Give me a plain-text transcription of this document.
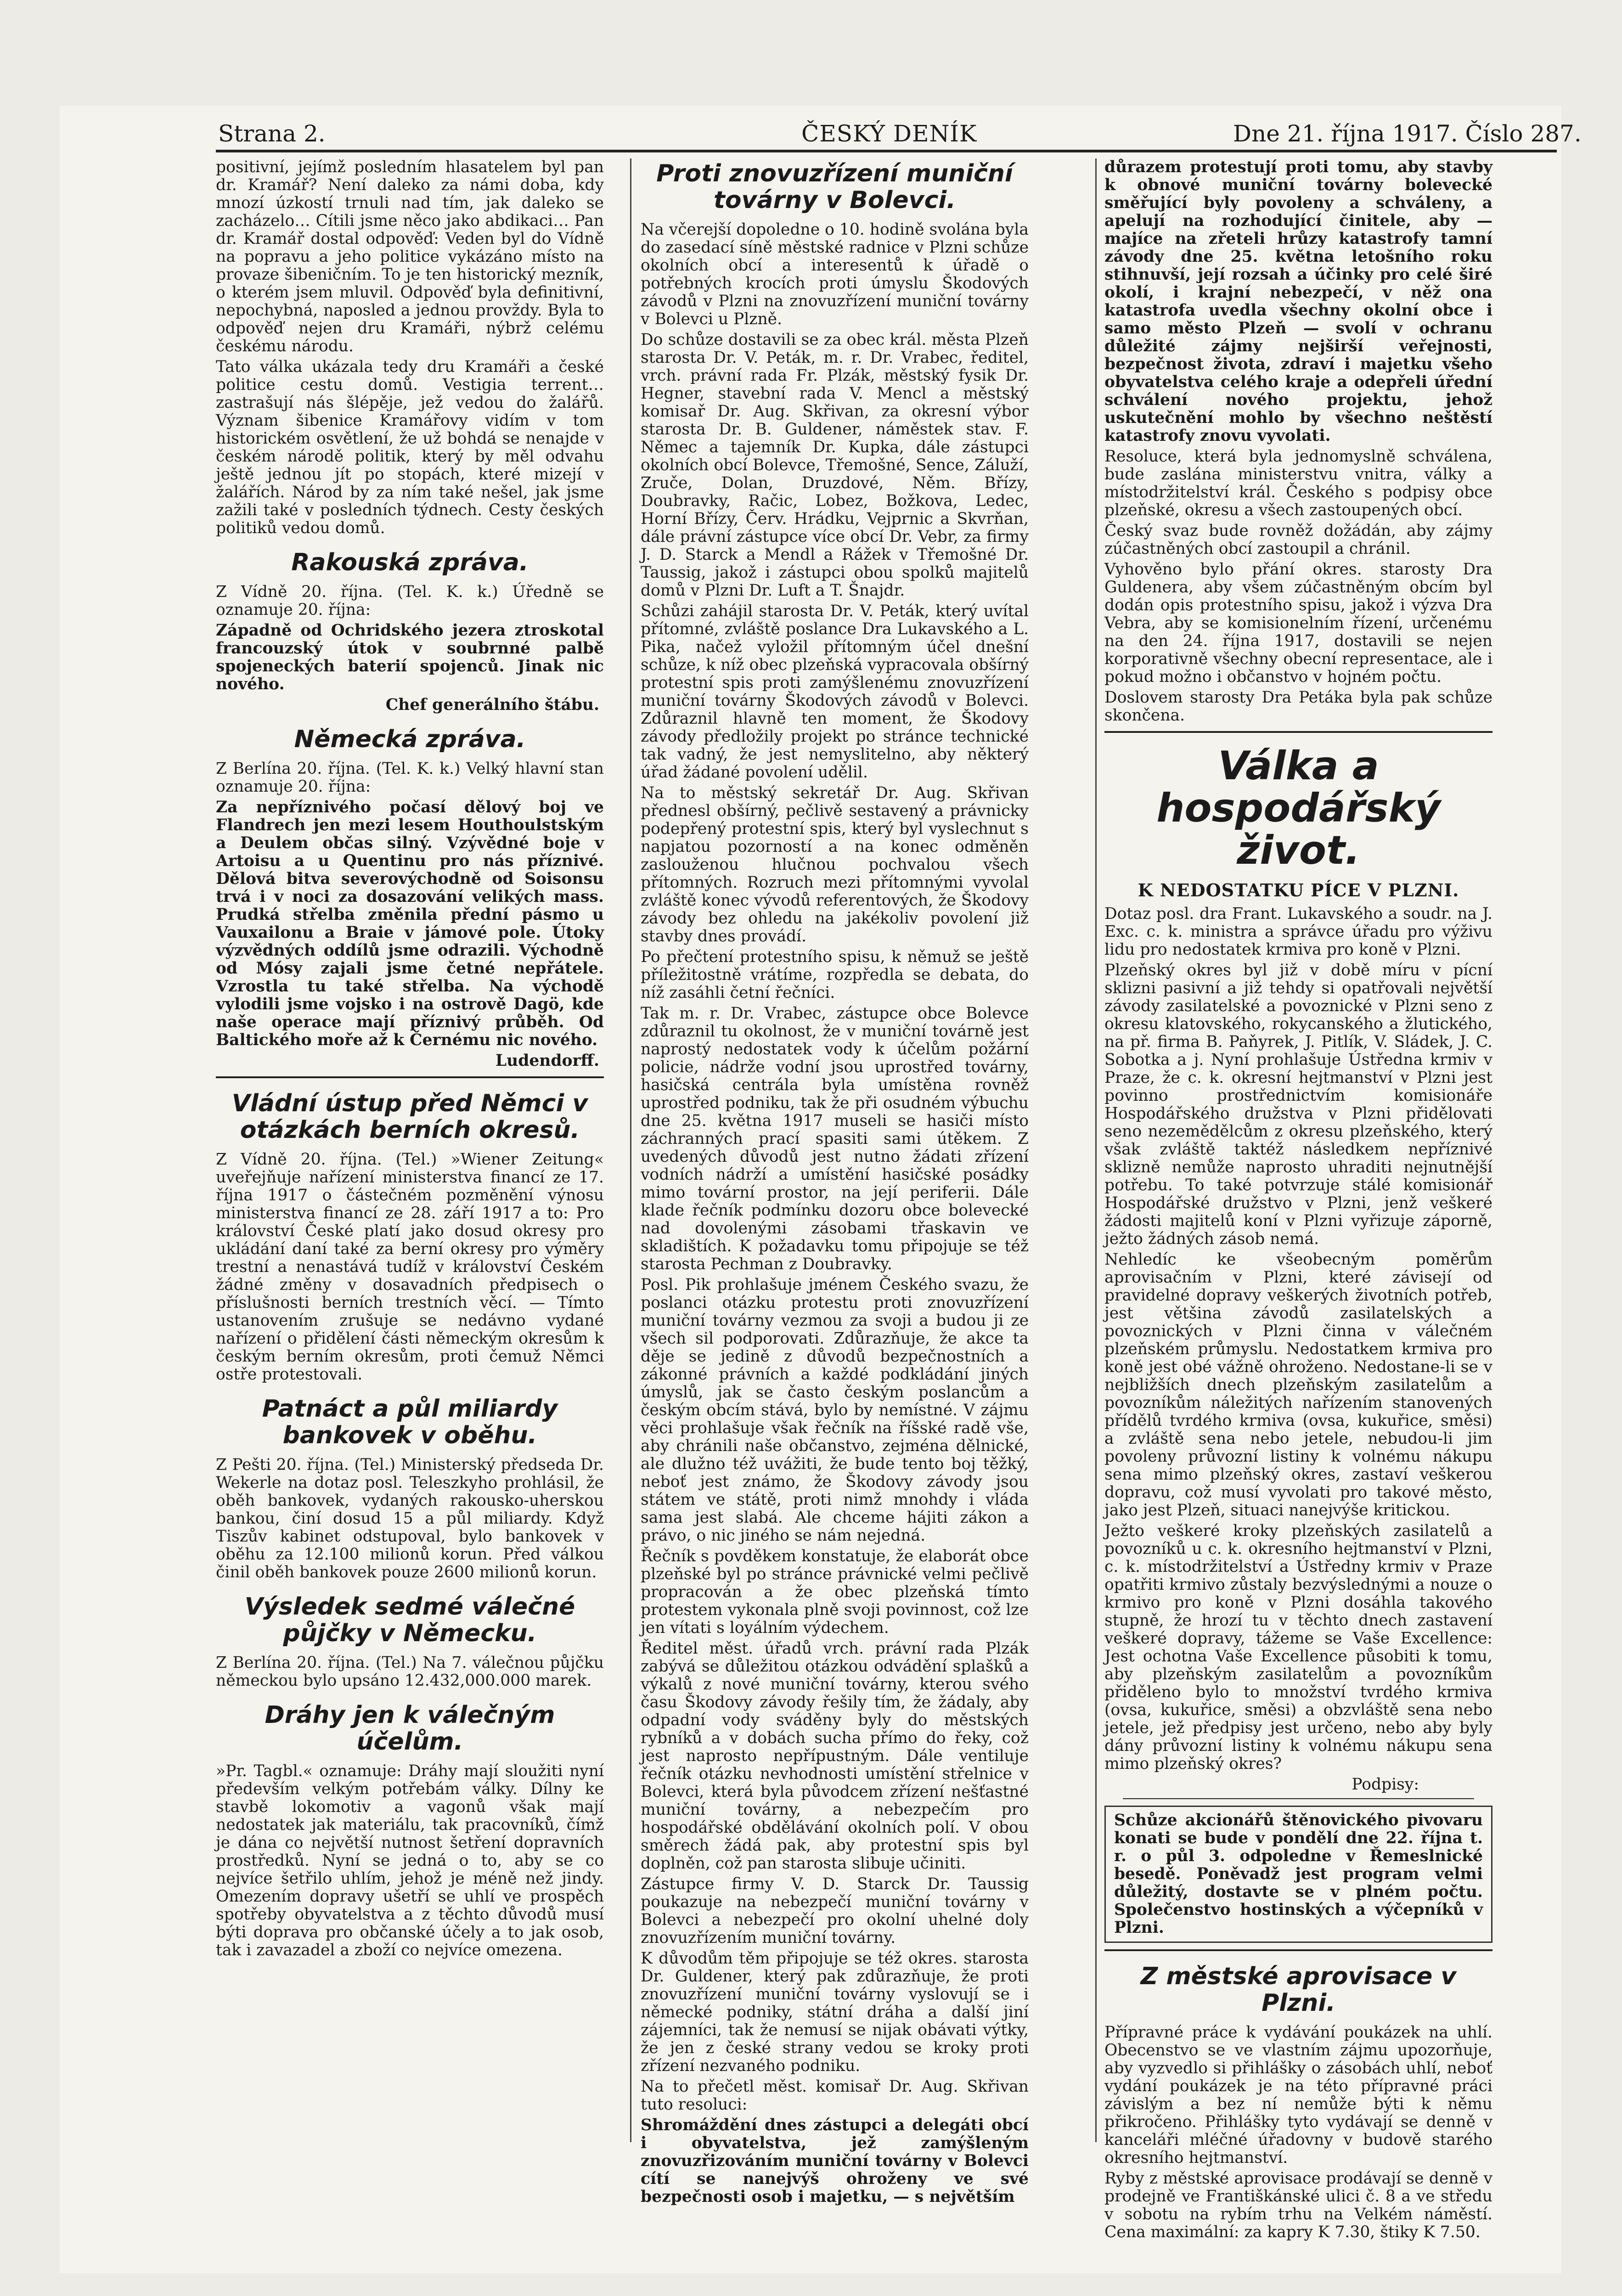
Strana 2.	ČESKÝ DENÍK	Dne 21. října 1917. Číslo 287.

positivní, jejímž posledním hlasatelem byl pan dr. Kramář? Není daleko za námi doba, kdy mnozí úzkostí trnuli nad tím, jak daleko se zacházelo… Cítili jsme něco jako abdikaci… Pan dr. Kramář dostal odpověď: Veden byl do Vídně na popravu a jeho politice vykázáno místo na provaze šibeničním. To je ten historický mezník, o kterém jsem mluvil. Odpověď byla definitivní, nepochybná, naposled a jednou provždy. Byla to odpověď nejen dru Kramáři, nýbrž celému českému národu.

Tato válka ukázala tedy dru Kramáři a české politice cestu domů. Vestigia terrent… zastrašují nás šlépěje, jež vedou do žalářů. Význam šibenice Kramářovy vidím v tom historickém osvětlení, že už bohdá se nenajde v českém národě politik, který by měl odvahu ještě jednou jít po stopách, které mizejí v žalářích. Národ by za ním také nešel, jak jsme zažili také v posledních týdnech. Cesty českých politiků vedou domů.

Rakouská zpráva.

Z Vídně 20. října. (Tel. K. k.) Úředně se oznamuje 20. října:

Západně od Ochridského jezera ztroskotal francouzský útok v soubrnné palbě spojeneckých baterií spojenců. Jinak nic nového.

Chef generálního štábu.

Německá zpráva.

Z Berlína 20. října. (Tel. K. k.) Velký hlavní stan oznamuje 20. října:

Za nepříznivého počasí dělový boj ve Flandrech jen mezi lesem Houthoulstským a Deulem občas silný. Vzývědné boje v Artoisu a u Quentinu pro nás příznivé. Dělová bitva severovýchodně od Soisonsu trvá i v noci za dosazování velikých mass. Prudká střelba změnila přední pásmo u Vauxailonu a Braie v jámové pole. Útoky výzvědných oddílů jsme odrazili. Východně od Mósy zajali jsme četné nepřátele. Vzrostla tu také střelba. Na východě vylodili jsme vojsko i na ostrově Dagö, kde naše operace mají příznivý průběh. Od Baltického moře až k Černému nic nového.

Ludendorff.

Vládní ústup před Němci v otázkách berních okresů.

Z Vídně 20. října. (Tel.) »Wiener Zeitung« uveřejňuje nařízení ministerstva financí ze 17. října 1917 o částečném pozměnění výnosu ministerstva financí ze 28. září 1917 a to: Pro království České platí jako dosud okresy pro ukládání daní také za berní okresy pro výměry trestní a nenastává tudíž v království Českém žádné změny v dosavadních předpisech o příslušnosti berních trestních věcí. — Tímto ustanovením zrušuje se nedávno vydané nařízení o přidělení části německým okresům k českým berním okresům, proti čemuž Němci ostře protestovali.

Patnáct a půl miliardy bankovek v oběhu.

Z Pešti 20. října. (Tel.) Ministerský předseda Dr. Wekerle na dotaz posl. Teleszkyho prohlásil, že oběh bankovek, vydaných rakousko-uherskou bankou, činí dosud 15 a půl miliardy. Když Tiszův kabinet odstupoval, bylo bankovek v oběhu za 12.100 milionů korun. Před válkou činil oběh bankovek pouze 2600 milionů korun.

Výsledek sedmé válečné půjčky v Německu.

Z Berlína 20. října. (Tel.) Na 7. válečnou půjčku německou bylo upsáno 12.432,000.000 marek.

Dráhy jen k válečným účelům.

»Pr. Tagbl.« oznamuje: Dráhy mají sloužiti nyní především velkým potřebám války. Dílny ke stavbě lokomotiv a vagonů však mají nedostatek jak materiálu, tak pracovníků, čímž je dána co největší nutnost šetření dopravních prostředků. Nyní se jedná o to, aby se co nejvíce šetřilo uhlím, jehož je méně než jindy. Omezením dopravy ušetří se uhlí ve prospěch spotřeby obyvatelstva a z těchto důvodů musí býti doprava pro občanské účely a to jak osob, tak i zavazadel a zboží co nejvíce omezena.

Proti znovuzřízení muniční továrny v Bolevci.

Na včerejší dopoledne o 10. hodině svolána byla do zasedací síně městské radnice v Plzni schůze okolních obcí a interesentů k úřadě o potřebných krocích proti úmyslu Škodových závodů v Plzni na znovuzřízení muniční továrny v Bolevci u Plzně.

Do schůze dostavili se za obec král. města Plzeň starosta Dr. V. Peták, m. r. Dr. Vrabec, ředitel, vrch. právní rada Fr. Plzák, městský fysik Dr. Hegner, stavební rada V. Mencl a městský komisař Dr. Aug. Skřivan, za okresní výbor starosta Dr. B. Guldener, náměstek stav. F. Němec a tajemník Dr. Kupka, dále zástupci okolních obcí Bolevce, Třemošné, Sence, Záluží, Zruče, Dolan, Druzdové, Něm. Břízy, Doubravky, Račic, Lobez, Božkova, Ledec, Horní Břízy, Červ. Hrádku, Vejprnic a Skvrňan, dále právní zástupce více obcí Dr. Vebr, za firmy J. D. Starck a Mendl a Rážek v Třemošné Dr. Taussig, jakož i zástupci obou spolků majitelů domů v Plzni Dr. Luft a T. Šnajdr.

Schůzi zahájil starosta Dr. V. Peták, který uvítal přítomné, zvláště poslance Dra Lukavského a L. Pika, načež vyložil přítomným účel dnešní schůze, k níž obec plzeňská vypracovala obšírný protestní spis proti zamýšlenému znovuzřízení muniční továrny Škodových závodů v Bolevci. Zdůraznil hlavně ten moment, že Škodovy závody předložily projekt po stránce technické tak vadný, že jest nemyslitelno, aby některý úřad žádané povolení udělil.

Na to městský sekretář Dr. Aug. Skřivan přednesl obšírný, pečlivě sestavený a právnicky podepřený protestní spis, který byl vyslechnut s napjatou pozorností a na konec odměněn zaslouženou hlučnou pochvalou všech přítomných. Rozruch mezi přítomnými vyvolal zvláště konec vývodů referentových, že Škodovy závody bez ohledu na jakékoliv povolení již stavby dnes provádí.

Po přečtení protestního spisu, k němuž se ještě příležitostně vrátíme, rozpředla se debata, do níž zasáhli četní řečníci.

Tak m. r. Dr. Vrabec, zástupce obce Bolevce zdůraznil tu okolnost, že v muniční továrně jest naprostý nedostatek vody k účelům požární policie, nádrže vodní jsou uprostřed továrny, hasičská centrála byla umístěna rovněž uprostřed podniku, tak že při osudném výbuchu dne 25. května 1917 museli se hasiči místo záchranných prací spasiti sami útěkem. Z uvedených důvodů jest nutno žádati zřízení vodních nádrží a umístění hasičské posádky mimo tovární prostor, na její periferii. Dále klade řečník podmínku dozoru obce bolevecké nad dovolenými zásobami třaskavin ve skladištích. K požadavku tomu připojuje se též starosta Pechman z Doubravky.

Posl. Pik prohlašuje jménem Českého svazu, že poslanci otázku protestu proti znovuzřízení muniční továrny vezmou za svoji a budou ji ze všech sil podporovati. Zdůrazňuje, že akce ta děje se jedině z důvodů bezpečnostních a zákonné právních a každé podkládání jiných úmyslů, jak se často českým poslancům a českým obcím stává, bylo by nemístné. V zájmu věci prohlašuje však řečník na říšské radě vše, aby chránili naše občanstvo, zejména dělnické, ale dlužno též uvážiti, že bude tento boj těžký, neboť jest známo, že Škodovy závody jsou státem ve státě, proti nimž mnohdy i vláda sama jest slabá. Ale chceme hájiti zákon a právo, o nic jiného se nám nejedná.

Řečník s povděkem konstatuje, že elaborát obce plzeňské byl po stránce právnické velmi pečlivě propracován a že obec plzeňská tímto protestem vykonala plně svoji povinnost, což lze jen vítati s loyálním výdechem.

Ředitel měst. úřadů vrch. právní rada Plzák zabývá se důležitou otázkou odvádění splašků a výkalů z nové muniční továrny, kterou svého času Škodovy závody řešily tím, že žádaly, aby odpadní vody sváděny byly do městských rybníků a v dobách sucha přímo do řeky, což jest naprosto nepřípustným. Dále ventiluje řečník otázku nevhodnosti umístění střelnice v Bolevci, která byla původcem zřízení nešťastné muniční továrny, a nebezpečím pro hospodářské obdělávání okolních polí. V obou směrech žádá pak, aby protestní spis byl doplněn, což pan starosta slibuje učiniti.

Zástupce firmy V. D. Starck Dr. Taussig poukazuje na nebezpečí muniční továrny v Bolevci a nebezpečí pro okolní uhelné doly znovuzřízením muniční továrny.

K důvodům těm připojuje se též okres. starosta Dr. Guldener, který pak zdůrazňuje, že proti znovuzřízení muniční továrny vyslovují se i německé podniky, státní dráha a další jiní zájemníci, tak že nemusí se nijak obávati výtky, že jen z české strany vedou se kroky proti zřízení nezvaného podniku.

Na to přečetl měst. komisař Dr. Aug. Skřivan tuto resoluci:

Shromáždění dnes zástupci a delegáti obcí i obyvatelstva, jež zamýšleným znovuzřizováním muniční továrny v Bolevci cítí se nanejvýš ohroženy ve své bezpečnosti osob i majetku, — s největším

důrazem protestují proti tomu, aby stavby k obnové muniční továrny bolevecké směřující byly povoleny a schváleny, a apelují na rozhodující činitele, aby — majíce na zřeteli hrůzy katastrofy tamní závody dne 25. května letošního roku stihnuvší, její rozsah a účinky pro celé širé okolí, i krajní nebezpečí, v něž ona katastrofa uvedla všechny okolní obce i samo město Plzeň — svolí v ochranu důležité zájmy nejširší veřejnosti, bezpečnost života, zdraví i majetku všeho obyvatelstva celého kraje a odepřeli úřední schválení nového projektu, jehož uskutečnění mohlo by všechno neštěstí katastrofy znovu vyvolati.

Resoluce, která byla jednomyslně schválena, bude zaslána ministerstvu vnitra, války a místodržitelství král. Českého s podpisy obce plzeňské, okresu a všech zastoupených obcí.

Český svaz bude rovněž dožádán, aby zájmy zúčastněných obcí zastoupil a chránil.

Vyhověno bylo přání okres. starosty Dra Guldenera, aby všem zúčastněným obcím byl dodán opis protestního spisu, jakož i výzva Dra Vebra, aby se komisionelním řízení, určenému na den 24. října 1917, dostavili se nejen korporativně všechny obecní representace, ale i pokud možno i občanstvo v hojném počtu.

Doslovem starosty Dra Petáka byla pak schůze skončena.

Válka a hospodářský život.
K NEDOSTATKU PÍCE V PLZNI.

Dotaz posl. dra Frant. Lukavského a soudr. na J. Exc. c. k. ministra a správce úřadu pro výživu lidu pro nedostatek krmiva pro koně v Plzni.

Plzeňský okres byl již v době míru v pícní sklizni pasivní a již tehdy si opatřovali největší závody zasilatelské a povoznické v Plzni seno z okresu klatovského, rokycanského a žlutického, na př. firma B. Paňyrek, J. Pitlík, V. Sládek, J. C. Sobotka a j. Nyní prohlašuje Ústředna krmiv v Praze, že c. k. okresní hejtmanství v Plzni jest povinno prostřednictvím komisionáře Hospodářského družstva v Plzni přidělovati seno nezemědělcům z okresu plzeňského, který však zvláště taktéž následkem nepříznivé sklizně nemůže naprosto uhraditi nejnutnější potřebu. To také potvrzuje stálé komisionář Hospodářské družstvo v Plzni, jenž veškeré žádosti majitelů koní v Plzni vyřizuje záporně, ježto žádných zásob nemá.

Nehledíc ke všeobecným poměrům aprovisačním v Plzni, které závisejí od pravidelné dopravy veškerých životních potřeb, jest většina závodů zasilatelských a povoznických v Plzni činna v válečném plzeňském průmyslu. Nedostatkem krmiva pro koně jest obé vážně ohroženo. Nedostane-li se v nejbližších dnech plzeňským zasilatelům a povozníkům náležitých nařízením stanovených přídělů tvrdého krmiva (ovsa, kukuřice, směsi) a zvláště sena nebo jetele, nebudou-li jim povoleny průvozní listiny k volnému nákupu sena mimo plzeňský okres, zastaví veškerou dopravu, což musí vyvolati pro takové město, jako jest Plzeň, situaci nanejvýše kritickou.

Ježto veškeré kroky plzeňských zasilatelů a povozníků u c. k. okresního hejtmanství v Plzni, c. k. místodržitelství a Ústředny krmiv v Praze opatřiti krmivo zůstaly bezvýslednými a nouze o krmivo pro koně v Plzni dosáhla takového stupně, že hrozí tu v těchto dnech zastavení veškeré dopravy, tážeme se Vaše Excellence: Jest ochotna Vaše Excellence působiti k tomu, aby plzeňským zasilatelům a povozníkům přiděleno bylo to množství tvrdého krmiva (ovsa, kukuřice, směsi) a obzvláště sena nebo jetele, jež předpisy jest určeno, nebo aby byly dány průvozní listiny k volnému nákupu sena mimo plzeňský okres?

Podpisy:

Schůze akcionářů štěnovického pivovaru konati se bude v pondělí dne 22. října t. r. o půl 3. odpoledne v Řemeslnické besedě. Poněvadž jest program velmi důležitý, dostavte se v plném počtu. Společenstvo hostinských a výčepníků v Plzni.

Z městské aprovisace v Plzni.

Přípravné práce k vydávání poukázek na uhlí. Obecenstvo se ve vlastním zájmu upozorňuje, aby vyzvedlo si přihlášky o zásobách uhlí, neboť vydání poukázek je na této přípravné práci závislým a bez ní nemůže býti k němu přikročeno. Přihlášky tyto vydávají se denně v kanceláři mléčné úřadovny v budově starého okresního hejtmanství.

Ryby z městské aprovisace prodávají se denně v prodejně ve Františkánské ulici č. 8 a ve středu v sobotu na rybím trhu na Velkém náměstí. Cena maximální: za kapry K 7.30, štiky K 7.50.
